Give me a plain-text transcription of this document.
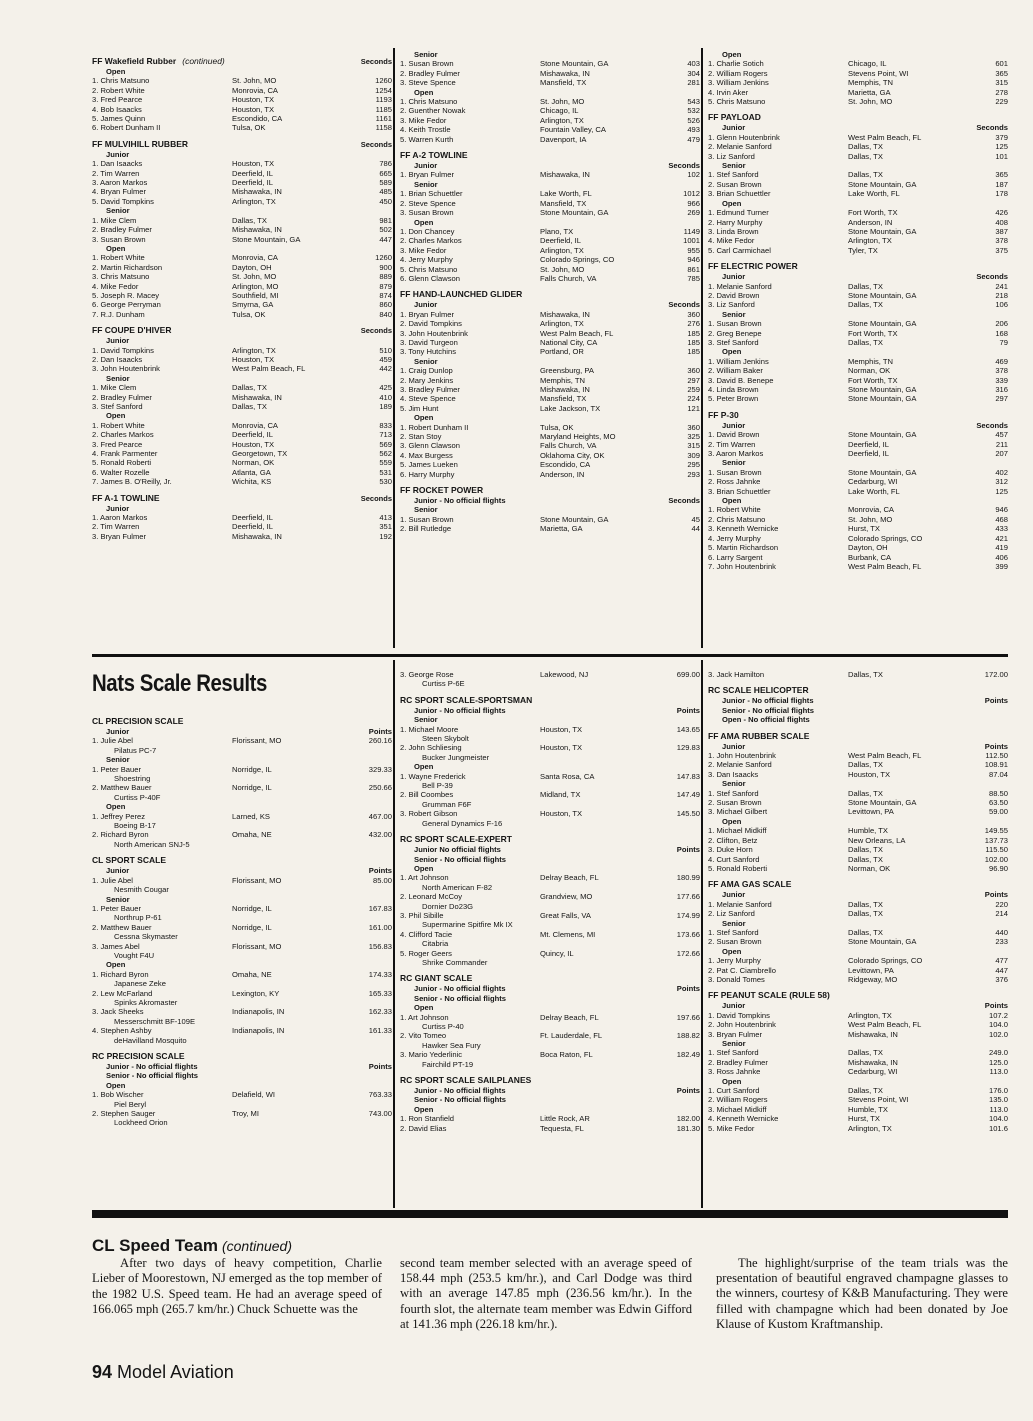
FF Wakefield Rubber (continued)	Seconds
Open
1. Chris Matsuno	St. John, MO	1260
2. Robert White	Monrovia, CA	1254
3. Fred Pearce	Houston, TX	1193
4. Bob Isaacks	Houston, TX	1185
5. James Quinn	Escondido, CA	1161
6. Robert Dunham II	Tulsa, OK	1158
FF MULVIHILL RUBBER	Seconds
Junior
1. Dan Isaacks	Houston, TX	786
2. Tim Warren	Deerfield, IL	665
3. Aaron Markos	Deerfield, IL	589
4. Bryan Fulmer	Mishawaka, IN	485
5. David Tompkins	Arlington, TX	450
Senior
1. Mike Clem	Dallas, TX	981
2. Bradley Fulmer	Mishawaka, IN	502
3. Susan Brown	Stone Mountain, GA	447
Open
1. Robert White	Monrovia, CA	1260
2. Martin Richardson	Dayton, OH	900
3. Chris Matsuno	St. John, MO	889
4. Mike Fedor	Arlington, MO	879
5. Joseph R. Macey	Southfield, MI	874
6. George Perryman	Smyrna, GA	860
7. R.J. Dunham	Tulsa, OK	840
FF COUPE D'HIVER	Seconds
Junior
1. David Tompkins	Arlington, TX	510
2. Dan Isaacks	Houston, TX	459
3. John Houtenbrink	West Palm Beach, FL	442
Senior
1. Mike Clem	Dallas, TX	425
2. Bradley Fulmer	Mishawaka, IN	410
3. Stef Sanford	Dallas, TX	189
Open
1. Robert White	Monrovia, CA	833
2. Charles Markos	Deerfield, IL	713
3. Fred Pearce	Houston, TX	569
4. Frank Parmenter	Georgetown, TX	562
5. Ronald Roberti	Norman, OK	559
6. Walter Rozelle	Atlanta, GA	531
7. James B. O'Reilly, Jr.	Wichita, KS	530
FF A-1 TOWLINE	Seconds
Junior
1. Aaron Markos	Deerfield, IL	413
2. Tim Warren	Deerfield, IL	351
3. Bryan Fulmer	Mishawaka, IN	192
Senior
1. Susan Brown	Stone Mountain, GA	403
2. Bradley Fulmer	Mishawaka, IN	304
3. Steve Spence	Mansfield, TX	281
Open
1. Chris Matsuno	St. John, MO	543
2. Guenther Nowak	Chicago, IL	532
3. Mike Fedor	Arlington, TX	526
4. Keith Trostle	Fountain Valley, CA	493
5. Warren Kurth	Davenport, IA	479
FF A-2 TOWLINE
Junior	Seconds
1. Bryan Fulmer	Mishawaka, IN	102
Senior
1. Brian Schuettler	Lake Worth, FL	1012
2. Steve Spence	Mansfield, TX	966
3. Susan Brown	Stone Mountain, GA	269
Open
1. Don Chancey	Plano, TX	1149
2. Charles Markos	Deerfield, IL	1001
3. Mike Fedor	Arlington, TX	955
4. Jerry Murphy	Colorado Springs, CO	946
5. Chris Matsuno	St. John, MO	861
6. Glenn Clawson	Falls Church, VA	785
FF HAND-LAUNCHED GLIDER
Junior	Seconds
1. Bryan Fulmer	Mishawaka, IN	360
2. David Tompkins	Arlington, TX	276
3. John Houtenbrink	West Palm Beach, FL	185
3. David Turgeon	National City, CA	185
3. Tony Hutchins	Portland, OR	185
Senior
1. Craig Dunlop	Greensburg, PA	360
2. Mary Jenkins	Memphis, TN	297
3. Bradley Fulmer	Mishawaka, IN	259
4. Steve Spence	Mansfield, TX	224
5. Jim Hunt	Lake Jackson, TX	121
Open
1. Robert Dunham II	Tulsa, OK	360
2. Stan Stoy	Maryland Heights, MO	325
3. Glenn Clawson	Falls Church, VA	315
4. Max Burgess	Oklahoma City, OK	309
5. James Lueken	Escondido, CA	295
6. Harry Murphy	Anderson, IN	293
FF ROCKET POWER
Junior - No official flights	Seconds
Senior
1. Susan Brown	Stone Mountain, GA	45
2. Bill Rutledge	Marietta, GA	44
Open
1. Charlie Sotich	Chicago, IL	601
2. William Rogers	Stevens Point, WI	365
3. William Jenkins	Memphis, TN	315
4. Irvin Aker	Marietta, GA	278
5. Chris Matsuno	St. John, MO	229
FF PAYLOAD
Junior	Seconds
1. Glenn Houtenbrink	West Palm Beach, FL	379
2. Melanie Sanford	Dallas, TX	125
3. Liz Sanford	Dallas, TX	101
Senior
1. Stef Sanford	Dallas, TX	365
2. Susan Brown	Stone Mountain, GA	187
3. Brian Schuettler	Lake Worth, FL	178
Open
1. Edmund Turner	Fort Worth, TX	426
2. Harry Murphy	Anderson, IN	408
3. Linda Brown	Stone Mountain, GA	387
4. Mike Fedor	Arlington, TX	378
5. Carl Carmichael	Tyler, TX	375
FF ELECTRIC POWER
Junior	Seconds
1. Melanie Sanford	Dallas, TX	241
2. David Brown	Stone Mountain, GA	218
3. Liz Sanford	Dallas, TX	106
Senior
1. Susan Brown	Stone Mountain, GA	206
2. Greg Benepe	Fort Worth, TX	168
3. Stef Sanford	Dallas, TX	79
Open
1. William Jenkins	Memphis, TN	469
2. William Baker	Norman, OK	378
3. David B. Benepe	Fort Worth, TX	339
4. Linda Brown	Stone Mountain, GA	316
5. Peter Brown	Stone Mountain, GA	297
FF P-30
Junior	Seconds
1. David Brown	Stone Mountain, GA	457
2. Tim Warren	Deerfield, IL	211
3. Aaron Markos	Deerfield, IL	207
Senior
1. Susan Brown	Stone Mountain, GA	402
2. Ross Jahnke	Cedarburg, WI	312
3. Brian Schuettler	Lake Worth, FL	125
Open
1. Robert White	Monrovia, CA	946
2. Chris Matsuno	St. John, MO	468
3. Kenneth Wernicke	Hurst, TX	433
4. Jerry Murphy	Colorado Springs, CO	421
5. Martin Richardson	Dayton, OH	419
6. Larry Sargent	Burbank, CA	406
7. John Houtenbrink	West Palm Beach, FL	399
Nats Scale Results
CL PRECISION SCALE
Junior	Points
1. Julie Abel	Florissant, MO	260.16
Pilatus PC-7
Senior
1. Peter Bauer	Norridge, IL	329.33
Shoestring
2. Matthew Bauer	Norridge, IL	250.66
Curtiss P-40F
Open
1. Jeffrey Perez	Larned, KS	467.00
Boeing B-17
2. Richard Byron	Omaha, NE	432.00
North American SNJ-5
CL SPORT SCALE
Junior	Points
1. Julie Abel	Florissant, MO	85.00
Nesmith Cougar
Senior
1. Peter Bauer	Norridge, IL	167.83
Northrup P-61
2. Matthew Bauer	Norridge, IL	161.00
Cessna Skymaster
3. James Abel	Florissant, MO	156.83
Vought F4U
Open
1. Richard Byron	Omaha, NE	174.33
Japanese Zeke
2. Lew McFarland	Lexington, KY	165.33
Spinks Akromaster
3. Jack Sheeks	Indianapolis, IN	162.33
Messerschmitt BF-109E
4. Stephen Ashby	Indianapolis, IN	161.33
deHavilland Mosquito
RC PRECISION SCALE
Junior - No official flights	Points
Senior - No official flights
Open
1. Bob Wischer	Delafield, WI	763.33
Piel Beryl
2. Stephen Sauger	Troy, MI	743.00
Lockheed Orion
3. George Rose	Lakewood, NJ	699.00
Curtiss P-6E
RC SPORT SCALE-SPORTSMAN
Junior - No official flights	Points
Senior
1. Michael Moore	Houston, TX	143.65
Steen Skybolt
2. John Schliesing	Houston, TX	129.83
Bucker Jungmeister
Open
1. Wayne Frederick	Santa Rosa, CA	147.83
Bell P-39
2. Bill Coombes	Midland, TX	147.49
Grumman F6F
3. Robert Gibson	Houston, TX	145.50
General Dynamics F-16
RC SPORT SCALE-EXPERT
Junior No official flights	Points
Senior - No official flights
Open
1. Art Johnson	Delray Beach, FL	180.99
North American F-82
2. Leonard McCoy	Grandview, MO	177.66
Dornier Do23G
3. Phil Sibille	Great Falls, VA	174.99
Supermarine Spitfire Mk IX
4. Clifford Tacie	Mt. Clemens, MI	173.66
Citabria
5. Roger Geers	Quincy, IL	172.66
Shrike Commander
RC GIANT SCALE
Junior - No official flights	Points
Senior - No official flights
Open
1. Art Johnson	Delray Beach, FL	197.66
Curtiss P-40
2. Vito Tomeo	Ft. Lauderdale, FL	188.82
Hawker Sea Fury
3. Mario Yederlinic	Boca Raton, FL	182.49
Fairchild PT-19
RC SPORT SCALE SAILPLANES
Junior - No official flights	Points
Senior - No official flights
Open
1. Ron Stanfield	Little Rock, AR	182.00
2. David Elias	Tequesta, FL	181.30
3. Jack Hamilton	Dallas, TX	172.00
RC SCALE HELICOPTER
Junior - No official flights	Points
Senior - No official flights
Open - No official flights
FF AMA RUBBER SCALE
Junior	Points
1. John Houtenbrink	West Palm Beach, FL	112.50
2. Melanie Sanford	Dallas, TX	108.91
3. Dan Isaacks	Houston, TX	87.04
Senior
1. Stef Sanford	Dallas, TX	88.50
2. Susan Brown	Stone Mountain, GA	63.50
3. Michael Gilbert	Levittown, PA	59.00
Open
1. Michael Midkiff	Humble, TX	149.55
2. Clifton, Betz	New Orleans, LA	137.73
3. Duke Horn	Dallas, TX	115.50
4. Curt Sanford	Dallas, TX	102.00
5. Ronald Roberti	Norman, OK	96.90
FF AMA GAS SCALE
Junior	Points
1. Melanie Sanford	Dallas, TX	220
2. Liz Sanford	Dallas, TX	214
Senior
1. Stef Sanford	Dallas, TX	440
2. Susan Brown	Stone Mountain, GA	233
Open
1. Jerry Murphy	Colorado Springs, CO	477
2. Pat C. Ciambrello	Levittown, PA	447
3. Donald Tomes	Ridgeway, MO	376
FF PEANUT SCALE (RULE 58)
Junior	Points
1. David Tompkins	Arlington, TX	107.2
2. John Houtenbrink	West Palm Beach, FL	104.0
3. Bryan Fulmer	Mishawaka, IN	102.0
Senior
1. Stef Sanford	Dallas, TX	249.0
2. Bradley Fulmer	Mishawaka, IN	125.0
3. Ross Jahnke	Cedarburg, WI	113.0
Open
1. Curt Sanford	Dallas, TX	176.0
2. William Rogers	Stevens Point, WI	135.0
3. Michael Midkiff	Humble, TX	113.0
4. Kenneth Wernicke	Hurst, TX	104.0
5. Mike Fedor	Arlington, TX	101.6
CL Speed Team (continued)
After two days of heavy competition, Charlie Lieber of Moorestown, NJ emerged as the top member of the 1982 U.S. Speed team. He had an average speed of 166.065 mph (265.7 km/hr.) Chuck Schuette was the
second team member selected with an average speed of 158.44 mph (253.5 km/hr.), and Carl Dodge was third with an average 147.85 mph (236.56 km/hr.). In the fourth slot, the alternate team member was Edwin Gifford at 141.36 mph (226.18 km/hr.).
The highlight/surprise of the team trials was the presentation of beautiful engraved champagne glasses to the winners, courtesy of K&B Manufacturing. They were filled with champagne which had been donated by Joe Klause of Kustom Kraftmanship.
94 Model Aviation
